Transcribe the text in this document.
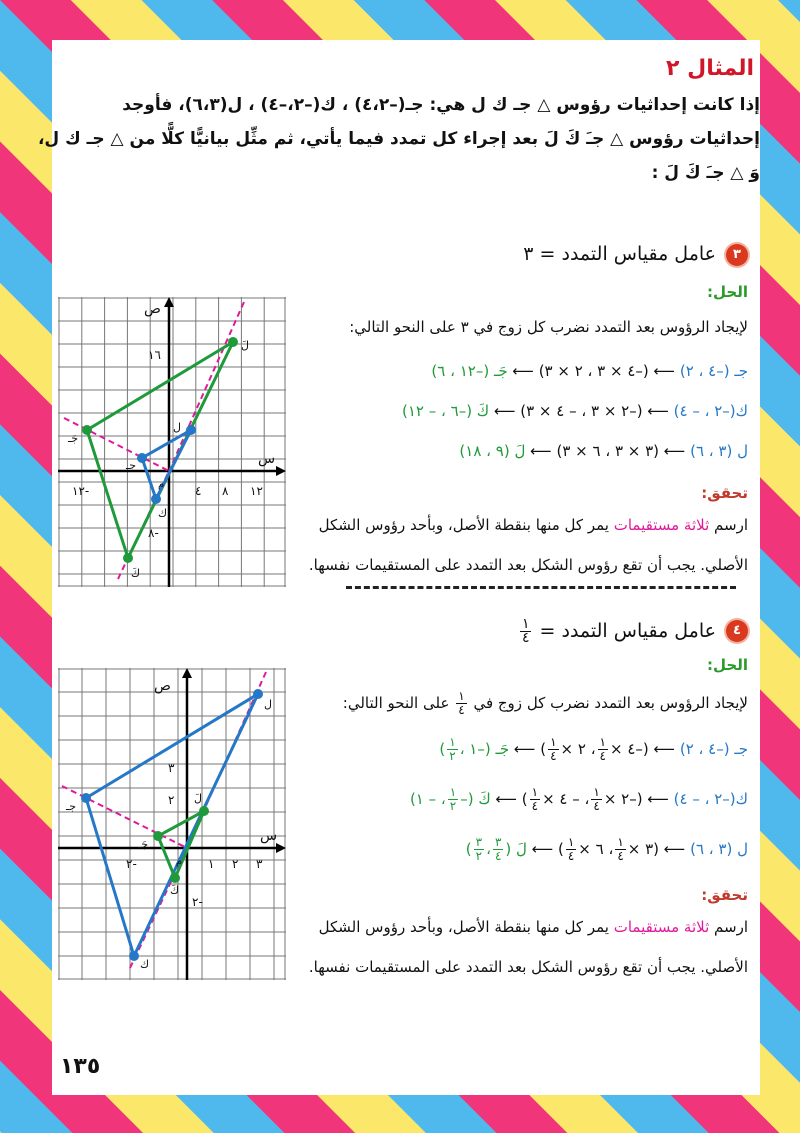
المثال ٢
إذا كانت إحداثيات رؤوس △ جـ ك ل هي: جـ(–٤،٢) ، ك(–٢،–٤) ، ل(٦،٣)، فأوجد
إحداثيات رؤوس △ جـَ كَ لَ بعد إجراء كل تمدد فيما يأتي، ثم مثِّل بيانيًّا كلًّا من △ جـ ك ل،
وَ △ جـَ كَ لَ :
٣
عامل مقياس التمدد = ٣
الحل:
لإيجاد الرؤوس بعد التمدد نضرب كل زوج في ٣ على النحو التالي:
جـ (–٤ ، ٢) ⟵ (–٤ × ٣ ، ٢ × ٣) ⟵ جَـ (–١٢ ، ٦)
ك(–٢ ، – ٤) ⟵ (–٢ × ٣ ، – ٤ × ٣) ⟵ كَ (–٦ ، – ١٢)
ل (٣ ، ٦) ⟵ (٣ × ٣ ، ٦ × ٣) ⟵ لَ (٩ ، ١٨)
تحقق:
ارسم ثلاثة مستقيمات يمر كل منها بنقطة الأصل، وبأحد رؤوس الشكل
الأصلي. يجب أن تقع رؤوس الشكل بعد التمدد على المستقيمات نفسها.
٤
عامل مقياس التمدد =
١
٤
الحل:
لإيجاد الرؤوس بعد التمدد نضرب كل زوج في
١
٤
على النحو التالي:
جـ (–٤ ، ٢) ⟵ (–٤ ×
١
٤
، ٢ ×
١
٤
) ⟵ جَـ (–١ ،
١
٢
)
ك(–٢ ، – ٤) ⟵ (–٢ ×
١
٤
، – ٤ ×
١
٤
) ⟵ كَ (–
١
٢
، – ١)
ل (٣ ، ٦) ⟵ (٣ ×
١
٤
، ٦ ×
١
٤
) ⟵ لَ (
٣
٤
،
٣
٢
)
تحقق:
ارسم ثلاثة مستقيمات يمر كل منها بنقطة الأصل، وبأحد رؤوس الشكل
الأصلي. يجب أن تقع رؤوس الشكل بعد التمدد على المستقيمات نفسها.
ص
س
م	١٢
٨
٤
١٢-
١٦
٨-
جَـ
جـ
ك
كَ
ل
لَ
ص
س
م	٣
٢
١
٢-
٣
٢
٢-
جـ
جَـ
كَ
ك
لَ
ل
١٣٥
